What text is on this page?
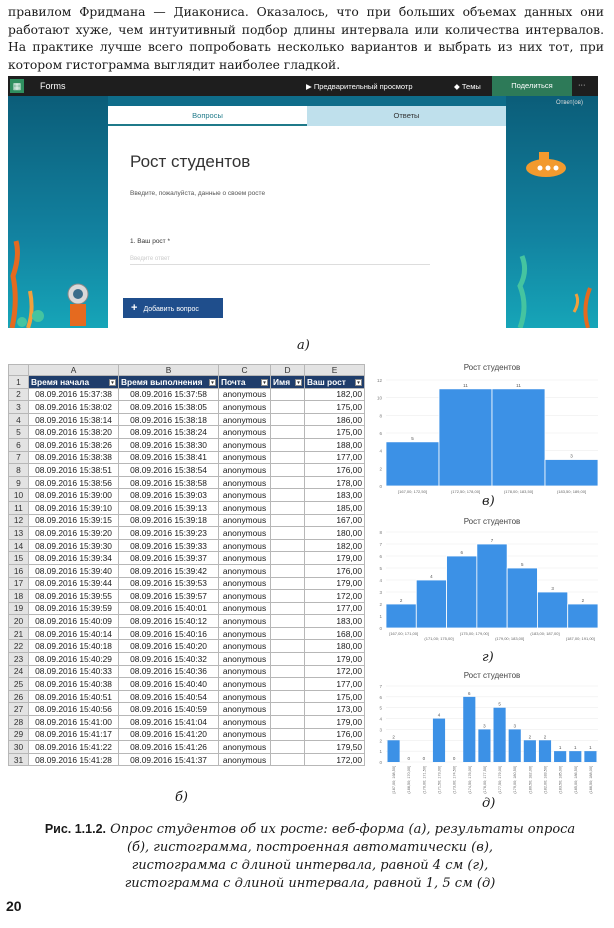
правилом Фридмана — Диакониса. Оказалось, что при больших объемах данных они работают хуже, чем интуитивный подбор длины интервала или количества интервалов. На практике лучше всего попробовать несколько вариантов и выбрать из них тот, при котором гистограмма выглядит наиболее гладкой.
▦	Forms	▶ Предварительный просмотр	◆ Темы	Поделиться	···
Ответ(ов)
Вопросы	Ответы
Рост студентов
Введите, пожалуйста, данные о своем росте
1. Ваш рост *
Введите ответ
+ Добавить вопрос
а)
	A	B	C	D	E
1	Время начала ▾	Время выполнения ▾	Почта ▾	Имя ▾	Ваш рост ▾

2	08.09.2016 15:37:38	08.09.2016 15:37:58	anonymous		182,00
3	08.09.2016 15:38:02	08.09.2016 15:38:05	anonymous		175,00
4	08.09.2016 15:38:14	08.09.2016 15:38:18	anonymous		186,00
5	08.09.2016 15:38:20	08.09.2016 15:38:24	anonymous		175,00
6	08.09.2016 15:38:26	08.09.2016 15:38:30	anonymous		188,00
7	08.09.2016 15:38:38	08.09.2016 15:38:41	anonymous		177,00
8	08.09.2016 15:38:51	08.09.2016 15:38:54	anonymous		176,00
9	08.09.2016 15:38:56	08.09.2016 15:38:58	anonymous		178,00
10	08.09.2016 15:39:00	08.09.2016 15:39:03	anonymous		183,00
11	08.09.2016 15:39:10	08.09.2016 15:39:13	anonymous		185,00
12	08.09.2016 15:39:15	08.09.2016 15:39:18	anonymous		167,00
13	08.09.2016 15:39:20	08.09.2016 15:39:23	anonymous		180,00
14	08.09.2016 15:39:30	08.09.2016 15:39:33	anonymous		182,00
15	08.09.2016 15:39:34	08.09.2016 15:39:37	anonymous		179,00
16	08.09.2016 15:39:40	08.09.2016 15:39:42	anonymous		176,00
17	08.09.2016 15:39:44	08.09.2016 15:39:53	anonymous		179,00
18	08.09.2016 15:39:55	08.09.2016 15:39:57	anonymous		172,00
19	08.09.2016 15:39:59	08.09.2016 15:40:01	anonymous		177,00
20	08.09.2016 15:40:09	08.09.2016 15:40:12	anonymous		183,00
21	08.09.2016 15:40:14	08.09.2016 15:40:16	anonymous		168,00
22	08.09.2016 15:40:18	08.09.2016 15:40:20	anonymous		180,00
23	08.09.2016 15:40:29	08.09.2016 15:40:32	anonymous		179,00
24	08.09.2016 15:40:33	08.09.2016 15:40:36	anonymous		172,00
25	08.09.2016 15:40:38	08.09.2016 15:40:40	anonymous		177,00
26	08.09.2016 15:40:51	08.09.2016 15:40:54	anonymous		175,00
27	08.09.2016 15:40:56	08.09.2016 15:40:59	anonymous		173,00
28	08.09.2016 15:41:00	08.09.2016 15:41:04	anonymous		179,00
29	08.09.2016 15:41:17	08.09.2016 15:41:20	anonymous		176,00
30	08.09.2016 15:41:22	08.09.2016 15:41:26	anonymous		179,50
31	08.09.2016 15:41:28	08.09.2016 15:41:37	anonymous		172,00
б)
Рост студентов
0
2
4
6
8
10
12
5
11	11
3
[167,00; 172,50]	(172,50; 178,00]	(178,00; 183,50]	(183,50; 189,00]
в)
Рост студентов
0
1
2
3
4
5
6
7
8
2
4
6
7
5
3
2
[167,00; 171,00]
(171,00; 175,00]
(175,00; 179,00]
(179,00; 183,00]
(183,00; 187,00]
(187,00; 191,00]
г)
Рост студентов
0
1
2
3
4
5
6
7
2
0	0
4
0
6
3
5
3
2	2
1	1	1
[167,00; 168,50]	(168,50; 170,00]	(170,00; 171,50]	(171,50; 173,00]	(173,00; 174,50]	(174,50; 176,00]	(176,00; 177,50]	(177,50; 179,00]	(179,00; 180,50]	(180,50; 182,00]	(182,00; 183,50]	(183,50; 185,00]	(185,00; 186,50]	(186,50; 188,00]
д)
Рис. 1.1.2. Опрос студентов об их росте: веб-форма (а), результаты опроса
(б), гистограмма, построенная автоматически (в),
гистограмма с длиной интервала, равной 4 см (г),
гистограмма с длиной интервала, равной 1, 5 см (д)
20
